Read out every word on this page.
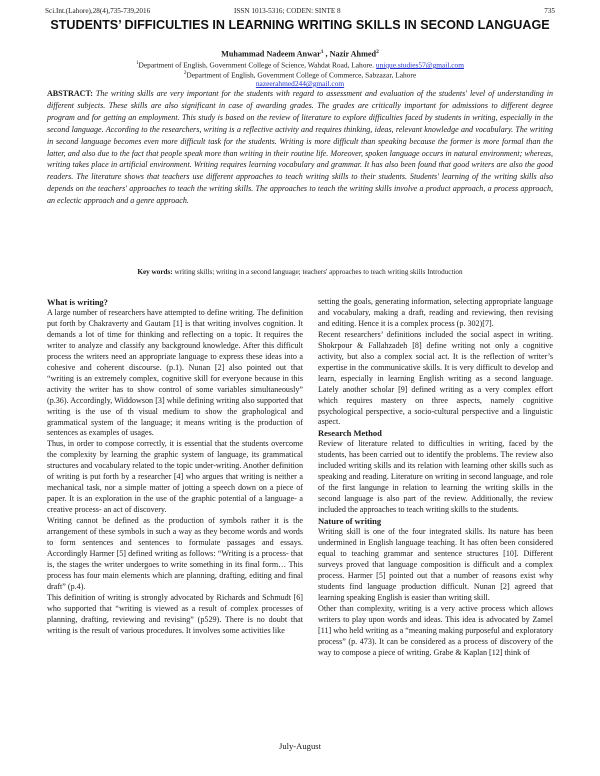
Sci.Int.(Lahore),28(4),735-739,2016	ISSN 1013-5316; CODEN: SINTE 8	735
STUDENTS’ DIFFICULTIES IN LEARNING WRITING SKILLS IN SECOND LANGUAGE
Muhammad Nadeem Anwar$^1$ , Nazir Ahmed$^2$
$^1$Department of English, Government College of Science, Wahdat Road, Lahore. unique.studies57@gmail.com
$^2$Department of English, Government College of Commerce, Sabzazar, Lahore
nazeerahmed244@gmail.com
ABSTRACT: The writing skills are very important for the students with regard to assessment and evaluation of the students' level of understanding in different subjects. These skills are also significant in case of awarding grades. The grades are critically important for admissions to different degree program and for getting an employment. This study is based on the review of literature to explore difficulties faced by students in writing, especially in the second language. According to the researchers, writing is a reflective activity and requires thinking, ideas, relevant knowledge and vocabulary. The writing in second language becomes even more difficult task for the students. Writing is more difficult than speaking because the former is more formal than the latter, and also due to the fact that people speak more than writing in their routine life. Moreover, spoken language occurs in natural environment; whereas, writing takes place in artificial environment. Writing requires learning vocabulary and grammar. It has also been found that good writers are also the good readers. The literature shows that teachers use different approaches to teach writing skills to their students. Students' learning of the writing skills also depends on the teachers' approaches to teach the writing skills. The approaches to teach the writing skills involve a product approach, a process approach, an eclectic approach and a genre approach.
Key words: writing skills; writing in a second language; teachers' approaches to teach writing skills Introduction
What is writing?

A large number of researchers have attempted to define writing. The definition put forth by Chakraverty and Gautam [1] is that writing involves cognition. It demands a lot of time for thinking and reflecting on a topic. It requires the writer to analyze and classify any background knowledge. After this difficult process the writers need an appropriate language to express these ideas into a cohesive and coherent discourse. (p.1). Nunan [2] also pointed out that “writing is an extremely complex, cognitive skill for everyone because in this activity the writer has to show control of some variables simultaneously” (p.36). Accordingly, Widdowson [3] while defining writing also supported that writing is the use of th visual medium to show the graphological and grammatical system of the language; it means writing is the production of sentences as examples of usages.

Thus, in order to compose correctly, it is essential that the students overcome the complexity by learning the graphic system of language, its grammatical structures and vocabulary related to the topic under-writing. Another definition of writing is put forth by a researcher [4] who argues that writing is neither a mechanical task, nor a simple matter of jotting a speech down on a piece of paper. It is an exploration in the use of the graphic potential of a language- a creative process- an act of discovery.

Writing cannot be defined as the production of symbols rather it is the arrangement of these symbols in such a way as they become words and words to form sentences and sentences to formulate passages and essays. Accordingly Harmer [5] defined writing as follows: “Writing is a process- that is, the stages the writer undergoes to write something in its final form… This process has four main elements which are planning, drafting, editing and final draft” (p.4).

This definition of writing is strongly advocated by Richards and Schmudt [6] who supported that “writing is viewed as a result of complex processes of planning, drafting, reviewing and revising” (p529). There is no doubt that writing is the result of various procedures. It involves some activities like

setting the goals, generating information, selecting appropriate language and vocabulary, making a draft, reading and reviewing, then revising and editing. Hence it is a complex process (p. 302)[7].

Recent researchers’ definitions included the social aspect in writing. Shokrpour & Fallahzadeh [8] define writing not only a cognitive activity, but also a complex social act. It is the reflection of writer’s expertise in the communicative skills. It is very difficult to develop and learn, especially in learning English writing as a second language. Lately another scholar [9] defined writing as a very complex effort which requires mastery on three aspects, namely cognitive psychological perspective, a socio-cultural perspective and a linguistic aspect.

Research Method

Review of literature related to difficulties in writing, faced by the students, has been carried out to identify the problems. The review also included writing skills and its relation with learning other skills such as speaking and reading. Literature on writing in second language, and role of the first langunge in relation to learning the writing skills in the second language is also part of the review. Additionally, the review included the approaches to teach writing skills to the students.

Nature of writing

Writing skill is one of the four integrated skills. Its nature has been undermined in English language teaching. It has often been considered equal to teaching grammar and sentence structures [10]. Different surveys proved that language composition is difficult and a complex process. Harmer [5] pointed out that a number of reasons exist why students find language production difficult. Nunan [2] agreed that learning speaking English is easier than writing skill.

Other than complexity, writing is a very active process which allows writers to play upon words and ideas. This idea is advocated by Zamel [11] who held writing as a “meaning making purposeful and exploratory process” (p. 473). It can be considered as a process of discovery of the way to compose a piece of writing. Grabe & Kaplan [12] think of

July-August
